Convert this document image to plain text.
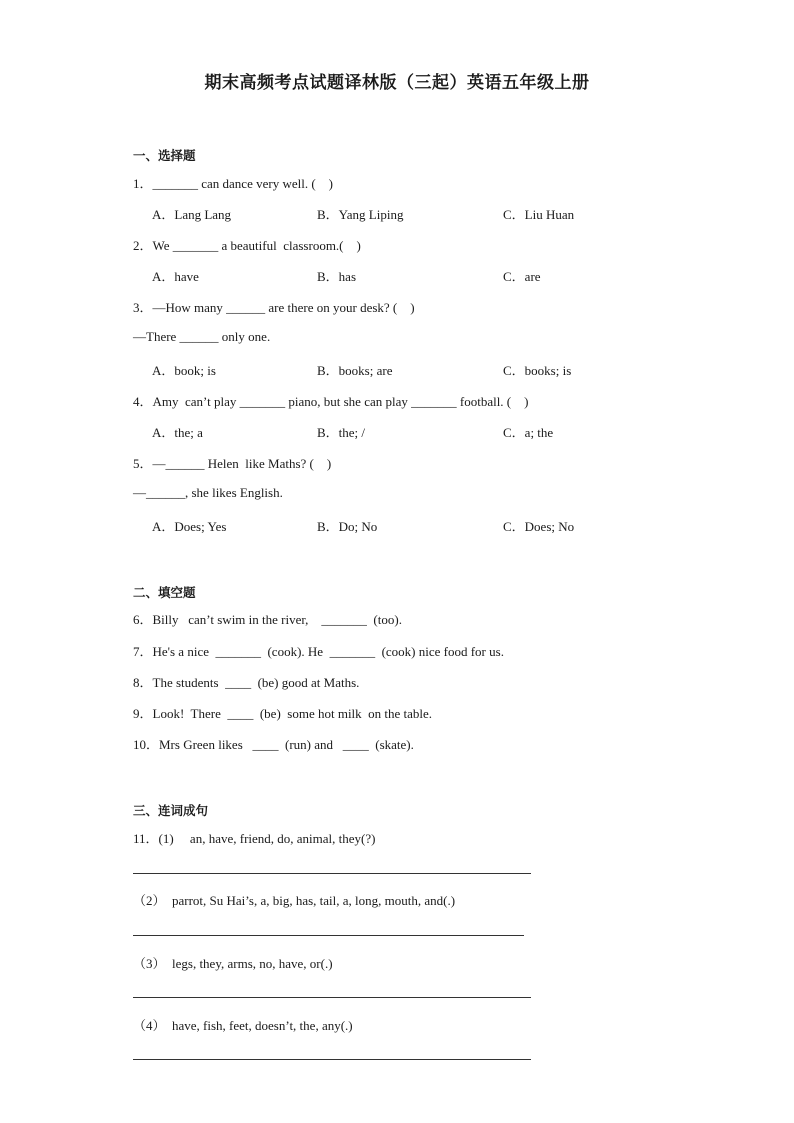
期末高频考点试题译林版（三起）英语五年级上册
一、选择题
1．_______ can dance very well. (　)
A．Lang Lang	B．Yang Liping	C．Liu Huan
2．We _______ a beautiful  classroom.(　)
A．have	B．has	C．are
3．—How many ______ are there on your desk? (　)
—There ______ only one.
A．book; is	B．books; are	C．books; is
4．Amy  can’t play _______ piano, but she can play _______ football. (　)
A．the; a	B．the; /	C．a; the
5．—______ Helen  like Maths? (　)
—______, she likes English.
A．Does; Yes	B．Do; No	C．Does; No
二、填空题
6．Billy   can’t swim in the river,    _______  (too).
7．He's a nice  _______  (cook). He  _______  (cook) nice food for us.
8．The students  ____  (be) good at Maths.
9．Look!  There  ____  (be)  some hot milk  on the table.
10．Mrs Green likes   ____  (run) and   ____  (skate).
三、连词成句
11．(1)　 an, have, friend, do, animal, they(?)
（2）  parrot, Su Hai’s, a, big, has, tail, a, long, mouth, and(.)
（3）  legs, they, arms, no, have, or(.)
（4）  have, fish, feet, doesn’t, the, any(.)
